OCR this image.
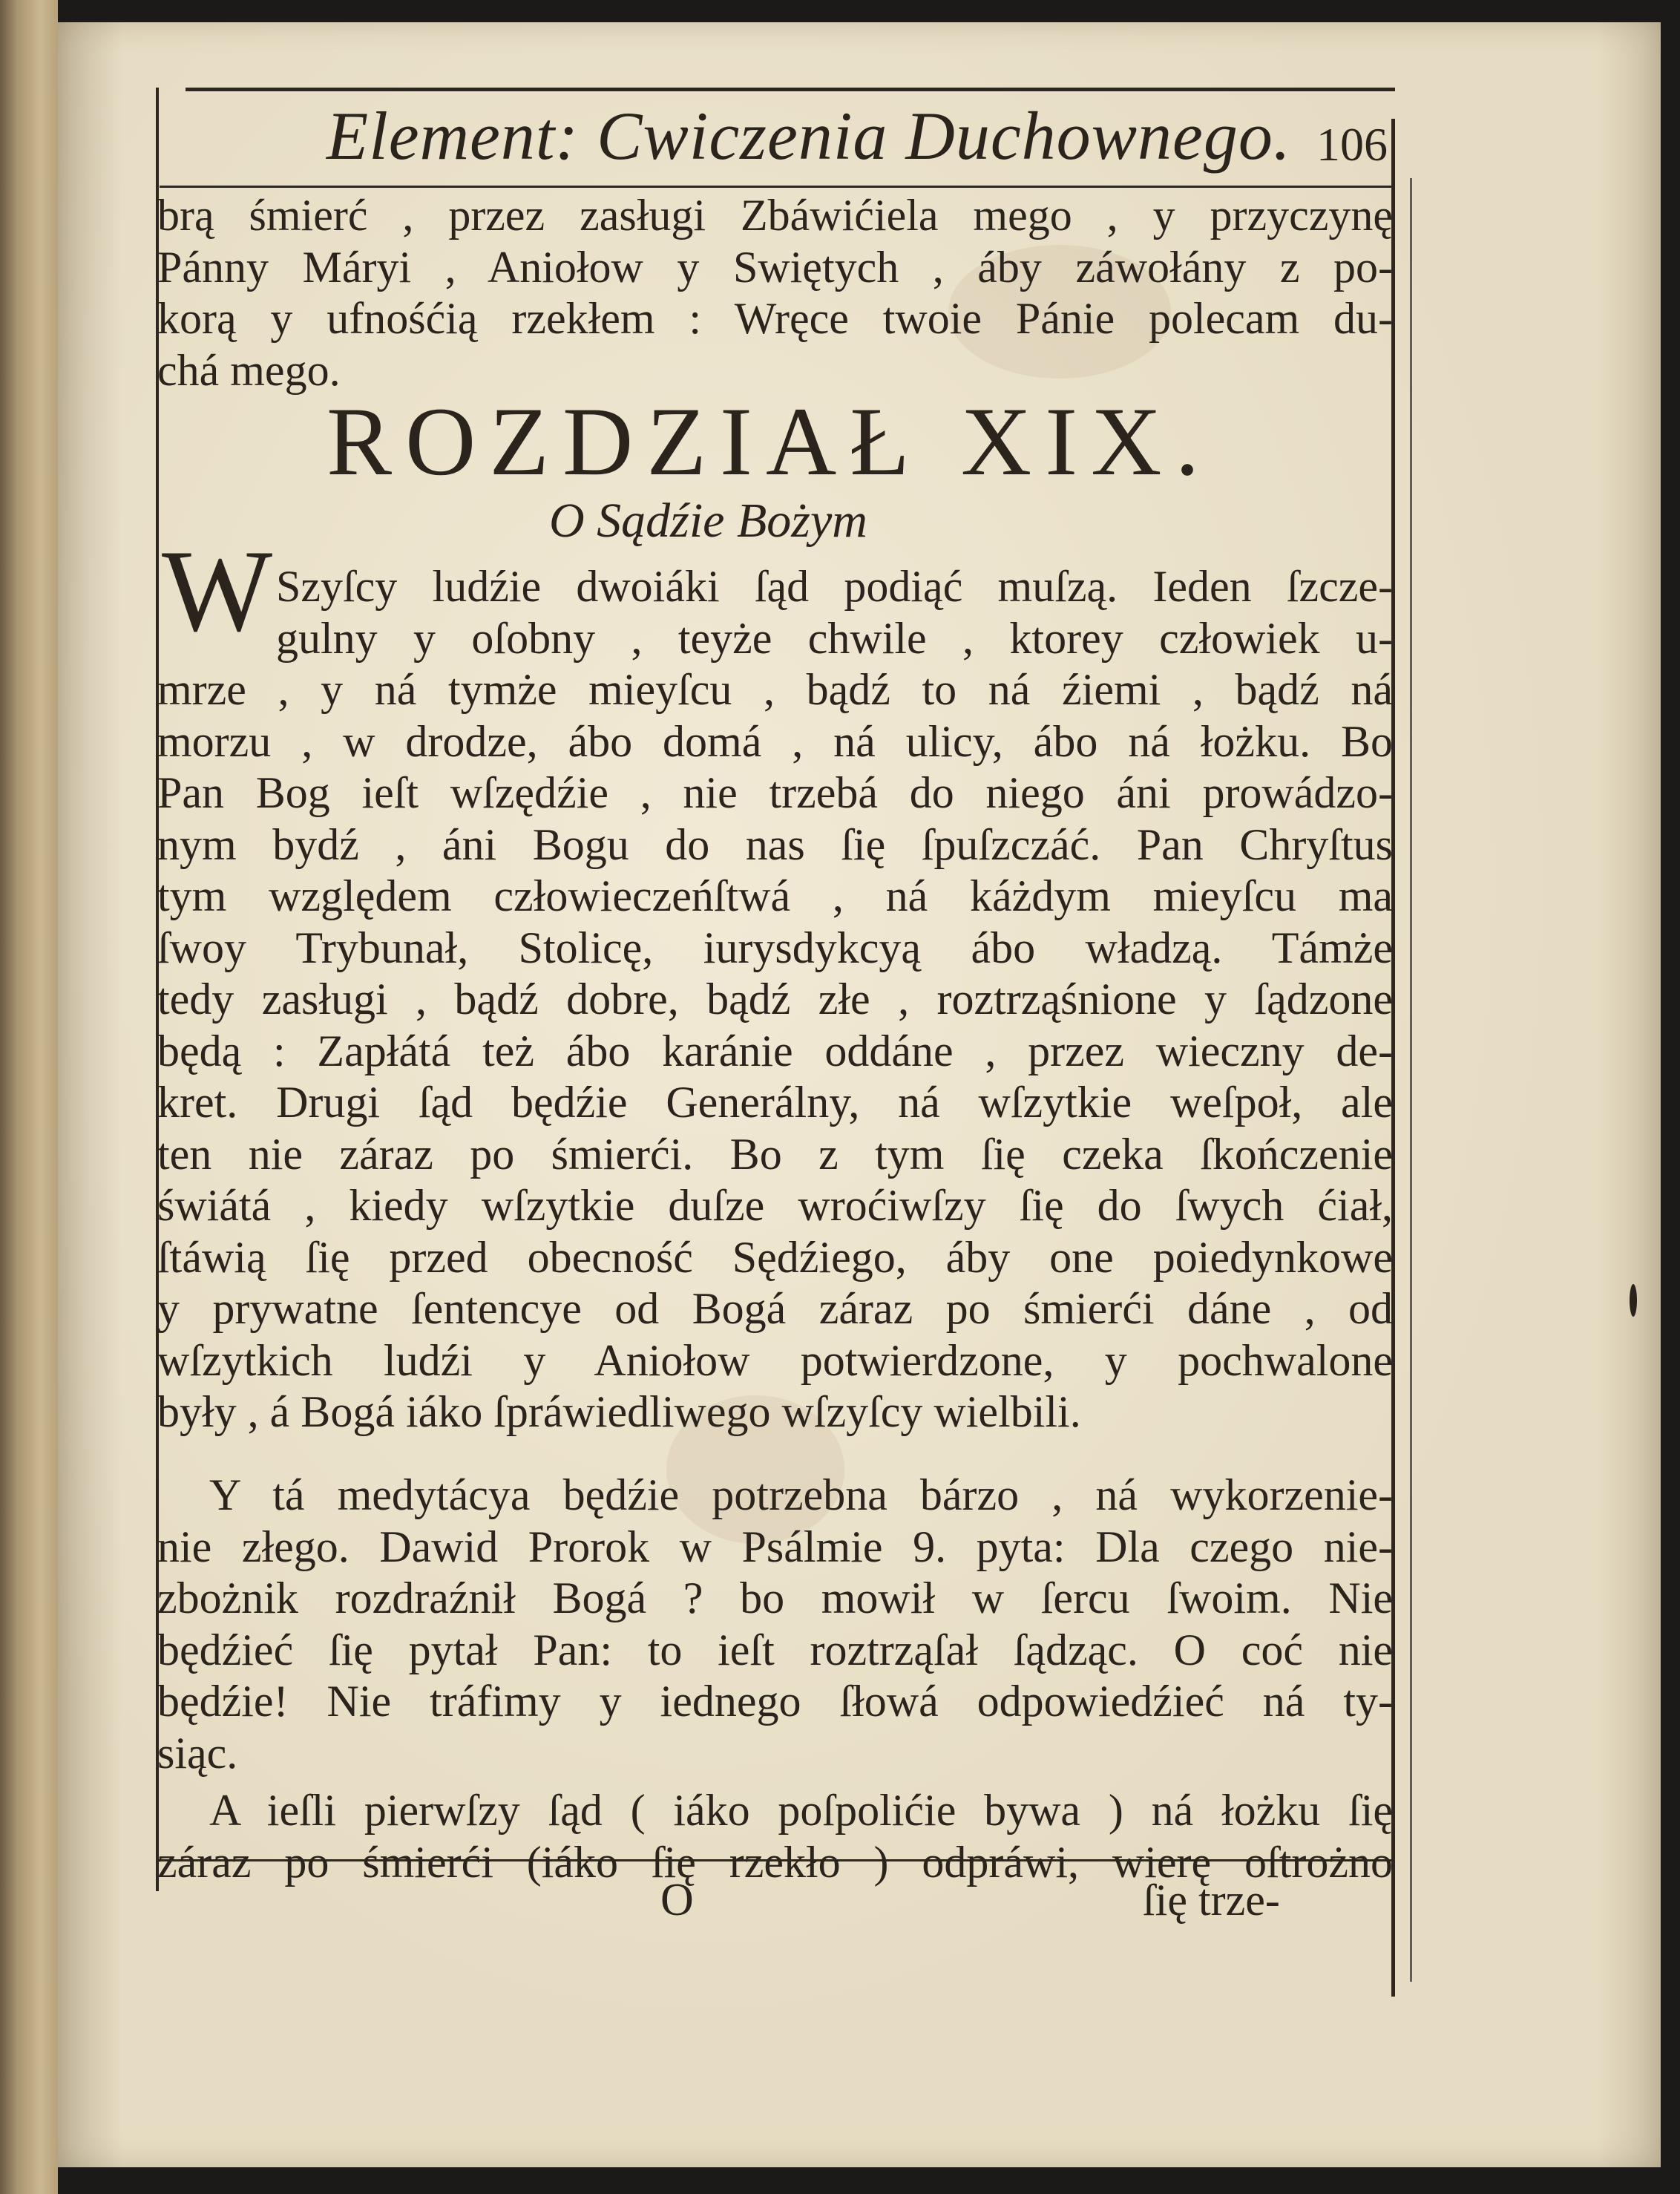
Element: Cwiczenia Duchownego. 106
brą śmierć , przez zasługi Zbáwićiela mego , y przyczynę
Pánny Máryi , Aniołow y Swiętych , áby záwołány z po-
korą y ufnośćią rzekłem : Wręce twoie Pánie polecam du-
chá mego.
ROZDZIAŁ XIX.
O Sądźie Bożym
W Szyſcy ludźie dwoiáki ſąd podiąć muſzą. Ieden ſzcze-
gulny y oſobny , teyże chwile , ktorey człowiek u-
mrze , y ná tymże mieyſcu , bądź to ná źiemi , bądź ná
morzu , w drodze, ábo domá , ná ulicy, ábo ná łożku. Bo
Pan Bog ieſt wſzędźie , nie trzebá do niego áni prowádzo-
nym bydź , áni Bogu do nas ſię ſpuſzczáć. Pan Chryſtus
tym względem człowieczeńſtwá , ná káżdym mieyſcu ma
ſwoy Trybunał, Stolicę, iurysdykcyą ábo władzą. Támże
tedy zasługi , bądź dobre, bądź złe , roztrząśnione y ſądzone
będą : Zapłátá też ábo karánie oddáne , przez wieczny de-
kret. Drugi ſąd będźie Generálny, ná wſzytkie weſpoł, ale
ten nie záraz po śmierći. Bo z tym ſię czeka ſkończenie
świátá , kiedy wſzytkie duſze wroćiwſzy ſię do ſwych ćiał,
ſtáwią ſię przed obecność Sędźiego, áby one poiedynkowe
y prywatne ſentencye od Bogá záraz po śmierći dáne , od
wſzytkich ludźi y Aniołow potwierdzone, y pochwalone
były , á Bogá iáko ſpráwiedliwego wſzyſcy wielbili.
Y tá medytácya będźie potrzebna bárzo , ná wykorzenie-
nie złego. Dawid Prorok w Psálmie 9. pyta: Dla czego nie-
zbożnik rozdraźnił Bogá ? bo mowił w ſercu ſwoim. Nie
będźieć ſię pytał Pan: to ieſt roztrząſał ſądząc. O coć nie
będźie! Nie tráfimy y iednego ſłowá odpowiedźieć ná ty-
siąc.
A ieſli pierwſzy ſąd ( iáko poſpolićie bywa ) ná łożku ſię
záraz po śmierći (iáko ſię rzekło ) odpráwi, wierę oſtrożno
O	ſię trze-
